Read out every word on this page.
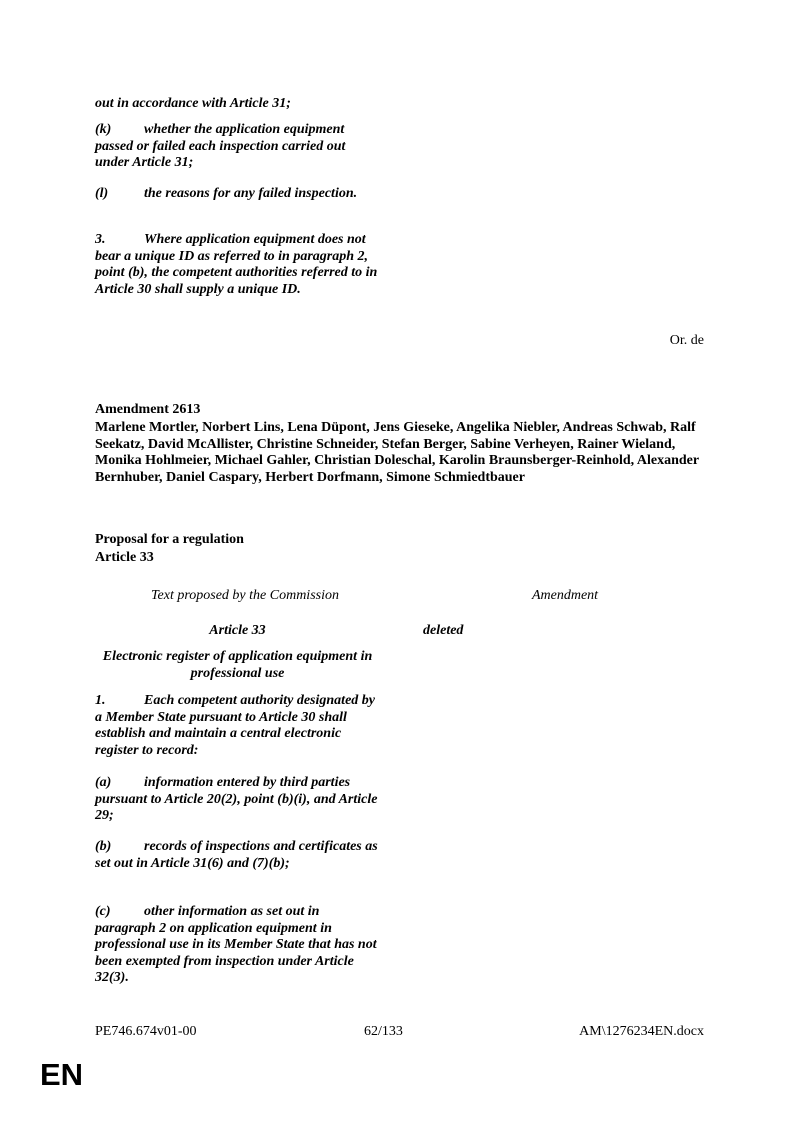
out in accordance with Article 31;

(k) whether the application equipment passed or failed each inspection carried out under Article 31;

(l)	the reasons for any failed inspection.

3.	Where application equipment does not bear a unique ID as referred to in paragraph 2, point (b), the competent authorities referred to in Article 30 shall supply a unique ID.

Or. de
Amendment 2613
Marlene Mortler, Norbert Lins, Lena Düpont, Jens Gieseke, Angelika Niebler, Andreas Schwab, Ralf Seekatz, David McAllister, Christine Schneider, Stefan Berger, Sabine Verheyen, Rainer Wieland, Monika Hohlmeier, Michael Gahler, Christian Doleschal, Karolin Braunsberger-Reinhold, Alexander Bernhuber, Daniel Caspary, Herbert Dorfmann, Simone Schmiedtbauer
Proposal for a regulation
Article 33
Text proposed by the Commission	Amendment
Article 33	deleted
Electronic register of application equipment in professional use

1.	Each competent authority designated by a Member State pursuant to Article 30 shall establish and maintain a central electronic register to record:

(a) information entered by third parties pursuant to Article 20(2), point (b)(i), and Article 29;

(b) records of inspections and certificates as set out in Article 31(6) and (7)(b);

(c) other information as set out in paragraph 2 on application equipment in professional use in its Member State that has not been exempted from inspection under Article 32(3).

PE746.674v01-00	62/133	AM\1276234EN.docx
EN
